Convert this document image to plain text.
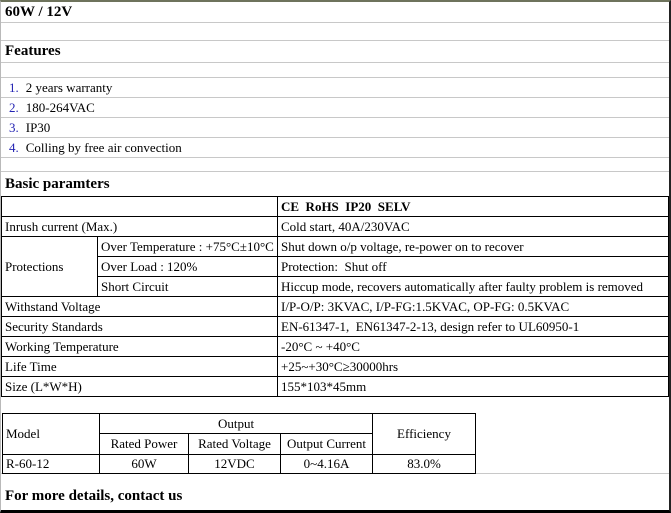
60W / 12V
Features
1. 2 years warranty
2. 180-264VAC
3. IP30
4. Colling by free air convection
Basic paramters
		CE  RoHS  IP20  SELV
Inrush current (Max.)		Cold start, 40A/230VAC
Protections	Over Temperature : +75°C±10°C	Shut down o/p voltage, re-power on to recover
	Over Load : 120%	Protection:  Shut off
	Short Circuit	Hiccup mode, recovers automatically after faulty problem is removed
Withstand Voltage		I/P-O/P: 3KVAC, I/P-FG:1.5KVAC, OP-FG: 0.5KVAC
Security Standards		EN-61347-1,  EN61347-2-13, design refer to UL60950-1
Working Temperature		-20°C ~ +40°C
Life Time		+25~+30°C≥30000hrs
Size (L*W*H)		155*103*45mm
Model	Output			Efficiency
	Rated Power	Rated Voltage	Output Current	
R-60-12	60W	12VDC	0~4.16A	83.0%
For more details, contact us
